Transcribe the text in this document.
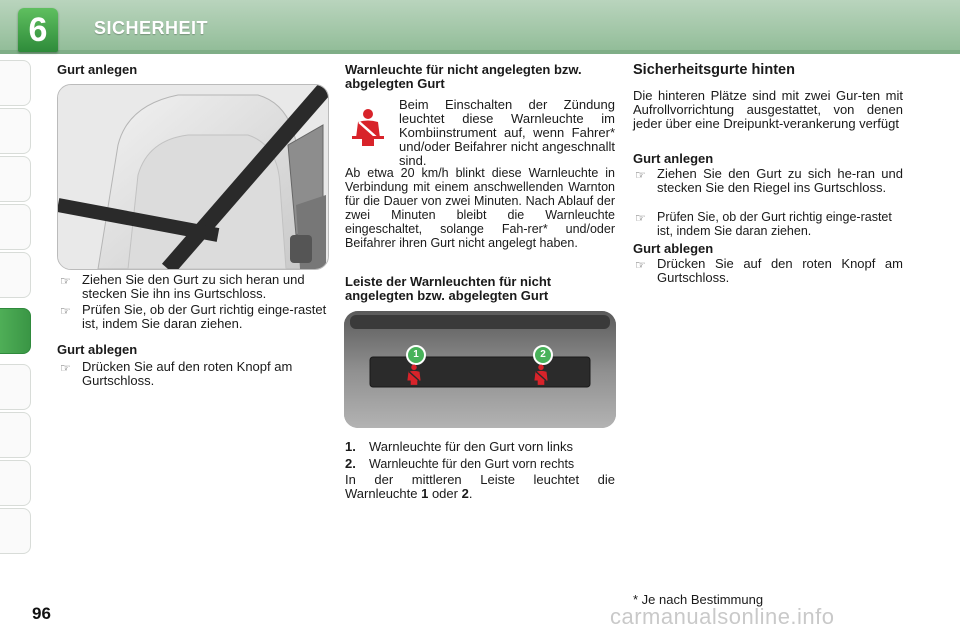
6	SICHERHEIT
Gurt anlegen
☞ Ziehen Sie den Gurt zu sich heran und stecken Sie ihn ins Gurtschloss.
☞ Prüfen Sie, ob der Gurt richtig einge-rastet ist, indem Sie daran ziehen.
Gurt ablegen
☞ Drücken Sie auf den roten Knopf am Gurtschloss.
Warnleuchte für nicht angelegten bzw. abgelegten Gurt
Beim Einschalten der Zündung leuchtet diese Warnleuchte im Kombiinstrument auf, wenn Fahrer* und/oder Beifahrer nicht angeschnallt sind.
Ab etwa 20 km/h blinkt diese Warnleuchte in Verbindung mit einem anschwellenden Warnton für die Dauer von zwei Minuten. Nach Ablauf der zwei Minuten bleibt die Warnleuchte eingeschaltet, solange Fah-rer* und/oder Beifahrer ihren Gurt nicht angelegt haben.
Leiste der Warnleuchten für nicht angelegten bzw. abgelegten Gurt
1	2
1. Warnleuchte für den Gurt vorn links
2. Warnleuchte für den Gurt vorn rechts
In der mittleren Leiste leuchtet die Warnleuchte 1 oder 2.
Sicherheitsgurte hinten
Die hinteren Plätze sind mit zwei Gur-ten mit Aufrollvorrichtung ausgestattet, von denen jeder über eine Dreipunkt-verankerung verfügt
Gurt anlegen
☞ Ziehen Sie den Gurt zu sich he-ran und stecken Sie den Riegel ins Gurtschloss.
☞ Prüfen Sie, ob der Gurt richtig einge-rastet ist, indem Sie daran ziehen.
Gurt ablegen
☞ Drücken Sie auf den roten Knopf am Gurtschloss.
* Je nach Bestimmung
96	carmanualsonline.info
